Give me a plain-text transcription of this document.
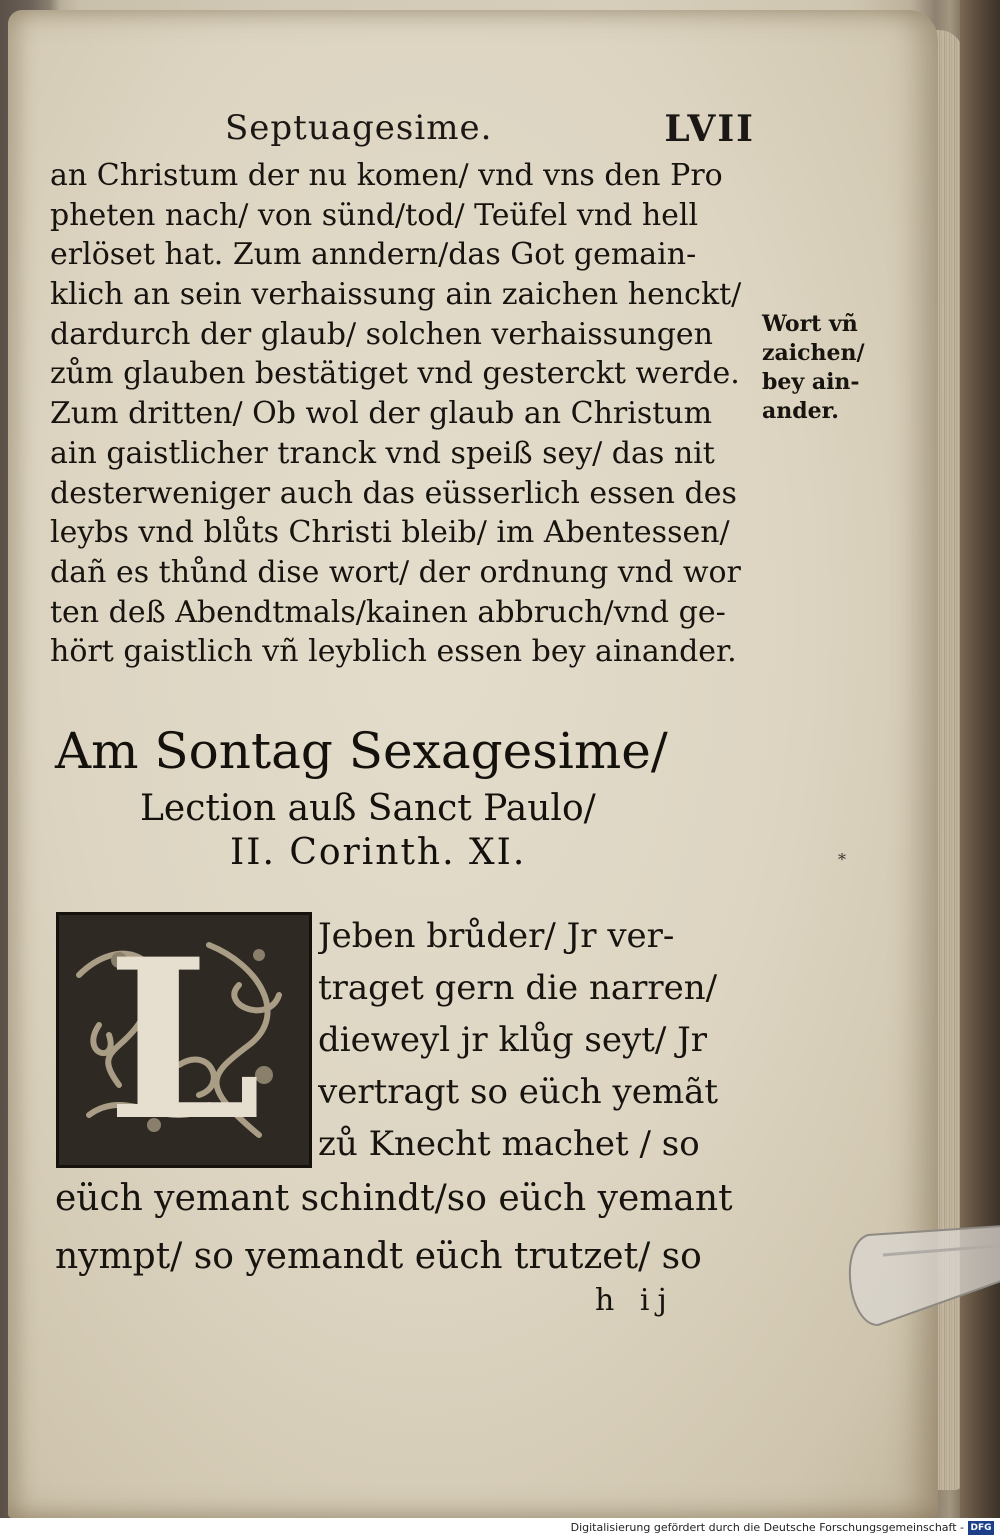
Septuagesime.	LVII
an Christum der nu komen/ vnd vns den Pro
pheten nach/ von sünd/tod/ Teüfel vnd hell
erlöset hat. Zum anndern/das Got gemain-
klich an sein verhaissung ain zaichen henckt/
dardurch der glaub/ solchen verhaissungen
zům glauben bestätiget vnd gesterckt werde.
Zum dritten/ Ob wol der glaub an Christum
ain gaistlicher tranck vnd speiß sey/ das nit
desterweniger auch das eüsserlich essen des
leybs vnd blůts Christi bleib/ im Abentessen/
dañ es thůnd dise wort/ der ordnung vnd wor
ten deß Abendtmals/kainen abbruch/vnd ge-
hört gaistlich vñ leyblich essen bey ainander.
Wort vñ
zaichen/
bey ain-
ander.
Am Sontag Sexagesime/
Lection auß Sanct Paulo/
II. Corinth. XI.	*
L	Jeben brůder/ Jr ver-
traget gern die narren/
dieweyl jr klůg seyt/ Jr
vertragt so eüch yemãt
zů Knecht machet / so
eüch yemant schindt/so eüch yemant
nympt/ so yemandt eüch trutzet/ so
h ij
Digitalisierung gefördert durch die Deutsche Forschungsgemeinschaft - DFG
